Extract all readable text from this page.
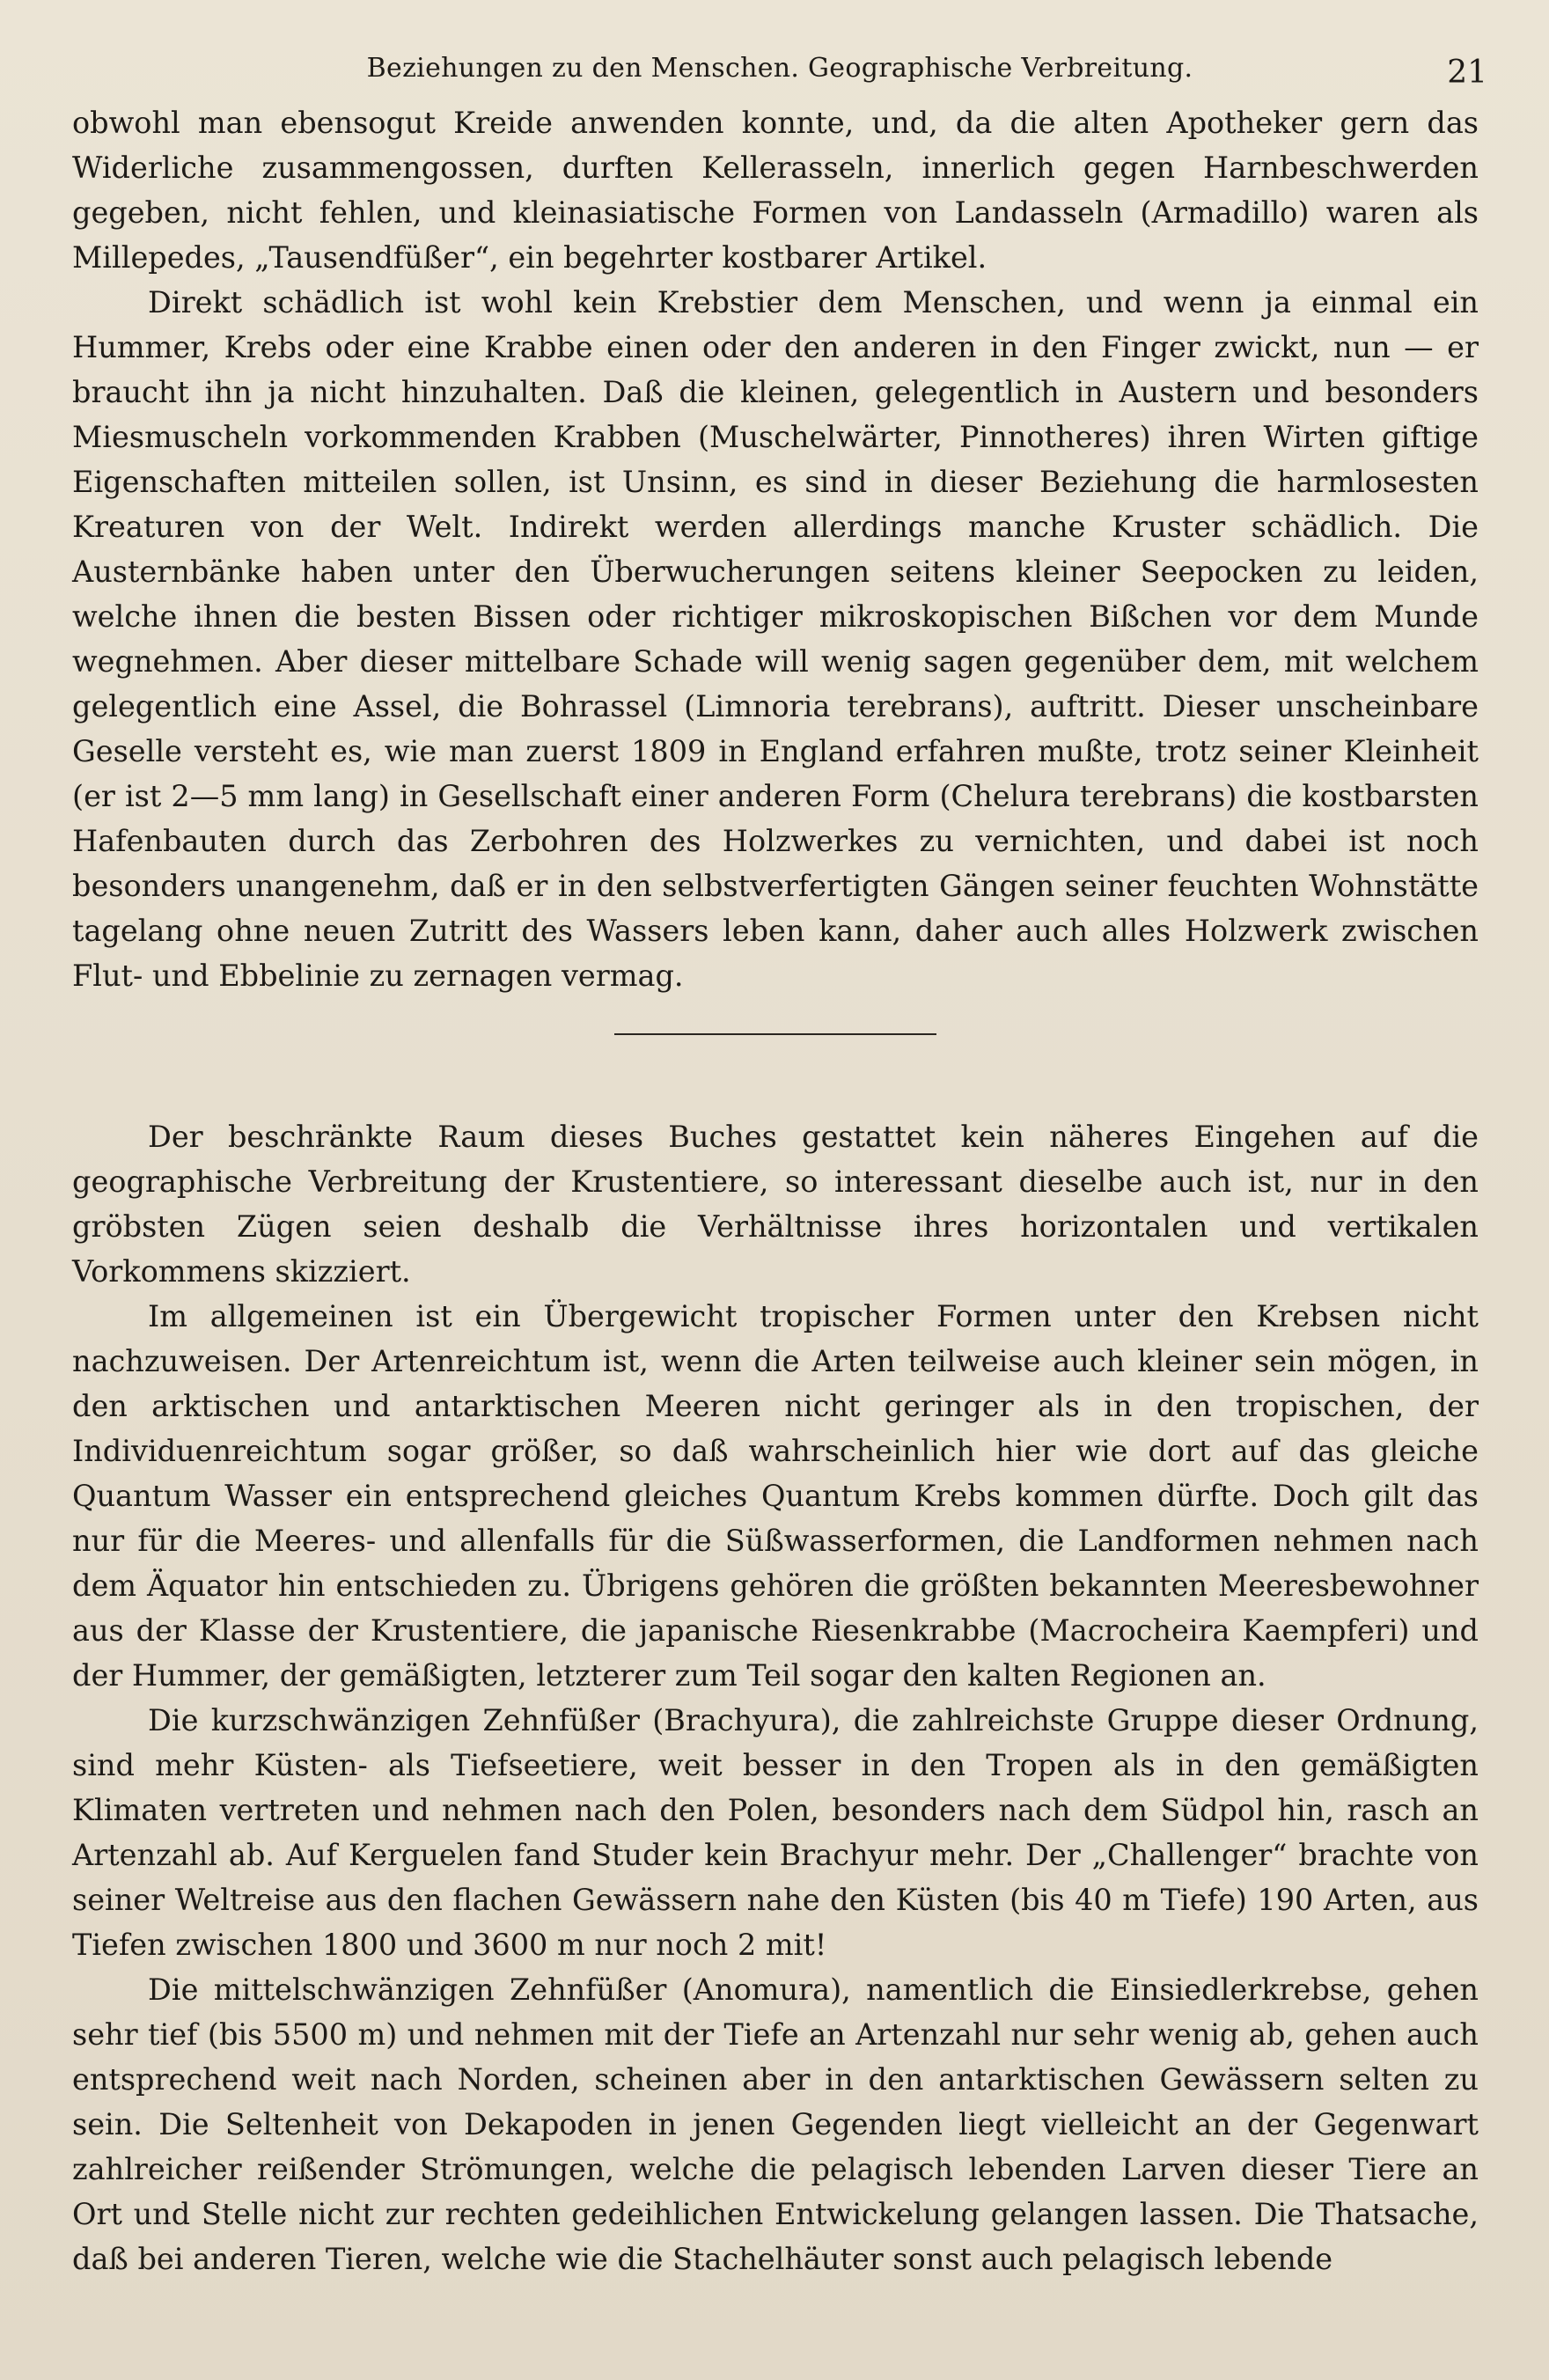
Beziehungen zu den Menschen. Geographische Verbreitung.	21

obwohl man ebensogut Kreide anwenden konnte, und, da die alten Apotheker gern das Widerliche zusammengossen, durften Kellerasseln, innerlich gegen Harnbeschwerden gegeben, nicht fehlen, und kleinasiatische Formen von Landasseln (Armadillo) waren als Millepedes, „Tausendfüßer“, ein begehrter kostbarer Artikel.

Direkt schädlich ist wohl kein Krebstier dem Menschen, und wenn ja einmal ein Hummer, Krebs oder eine Krabbe einen oder den anderen in den Finger zwickt, nun — er braucht ihn ja nicht hinzuhalten. Daß die kleinen, gelegentlich in Austern und besonders Miesmuscheln vorkommenden Krabben (Muschelwärter, Pinnotheres) ihren Wirten giftige Eigenschaften mitteilen sollen, ist Unsinn, es sind in dieser Beziehung die harmlosesten Kreaturen von der Welt. Indirekt werden allerdings manche Kruster schädlich. Die Austernbänke haben unter den Überwucherungen seitens kleiner Seepocken zu leiden, welche ihnen die besten Bissen oder richtiger mikroskopischen Bißchen vor dem Munde wegnehmen. Aber dieser mittelbare Schade will wenig sagen gegenüber dem, mit welchem gelegentlich eine Assel, die Bohrassel (Limnoria terebrans), auftritt. Dieser unscheinbare Geselle versteht es, wie man zuerst 1809 in England erfahren mußte, trotz seiner Kleinheit (er ist 2—5 mm lang) in Gesellschaft einer anderen Form (Chelura terebrans) die kostbarsten Hafenbauten durch das Zerbohren des Holzwerkes zu vernichten, und dabei ist noch besonders unangenehm, daß er in den selbstverfertigten Gängen seiner feuchten Wohnstätte tagelang ohne neuen Zutritt des Wassers leben kann, daher auch alles Holzwerk zwischen Flut- und Ebbelinie zu zernagen vermag.

Der beschränkte Raum dieses Buches gestattet kein näheres Eingehen auf die geographische Verbreitung der Krustentiere, so interessant dieselbe auch ist, nur in den gröbsten Zügen seien deshalb die Verhältnisse ihres horizontalen und vertikalen Vorkommens skizziert.

Im allgemeinen ist ein Übergewicht tropischer Formen unter den Krebsen nicht nachzuweisen. Der Artenreichtum ist, wenn die Arten teilweise auch kleiner sein mögen, in den arktischen und antarktischen Meeren nicht geringer als in den tropischen, der Individuenreichtum sogar größer, so daß wahrscheinlich hier wie dort auf das gleiche Quantum Wasser ein entsprechend gleiches Quantum Krebs kommen dürfte. Doch gilt das nur für die Meeres- und allenfalls für die Süßwasserformen, die Landformen nehmen nach dem Äquator hin entschieden zu. Übrigens gehören die größten bekannten Meeresbewohner aus der Klasse der Krustentiere, die japanische Riesenkrabbe (Macrocheira Kaempferi) und der Hummer, der gemäßigten, letzterer zum Teil sogar den kalten Regionen an.

Die kurzschwänzigen Zehnfüßer (Brachyura), die zahlreichste Gruppe dieser Ordnung, sind mehr Küsten- als Tiefseetiere, weit besser in den Tropen als in den gemäßigten Klimaten vertreten und nehmen nach den Polen, besonders nach dem Südpol hin, rasch an Artenzahl ab. Auf Kerguelen fand Studer kein Brachyur mehr. Der „Challenger“ brachte von seiner Weltreise aus den flachen Gewässern nahe den Küsten (bis 40 m Tiefe) 190 Arten, aus Tiefen zwischen 1800 und 3600 m nur noch 2 mit!

Die mittelschwänzigen Zehnfüßer (Anomura), namentlich die Einsiedlerkrebse, gehen sehr tief (bis 5500 m) und nehmen mit der Tiefe an Artenzahl nur sehr wenig ab, gehen auch entsprechend weit nach Norden, scheinen aber in den antarktischen Gewässern selten zu sein. Die Seltenheit von Dekapoden in jenen Gegenden liegt vielleicht an der Gegenwart zahlreicher reißender Strömungen, welche die pelagisch lebenden Larven dieser Tiere an Ort und Stelle nicht zur rechten gedeihlichen Entwickelung gelangen lassen. Die Thatsache, daß bei anderen Tieren, welche wie die Stachelhäuter sonst auch pelagisch lebende
